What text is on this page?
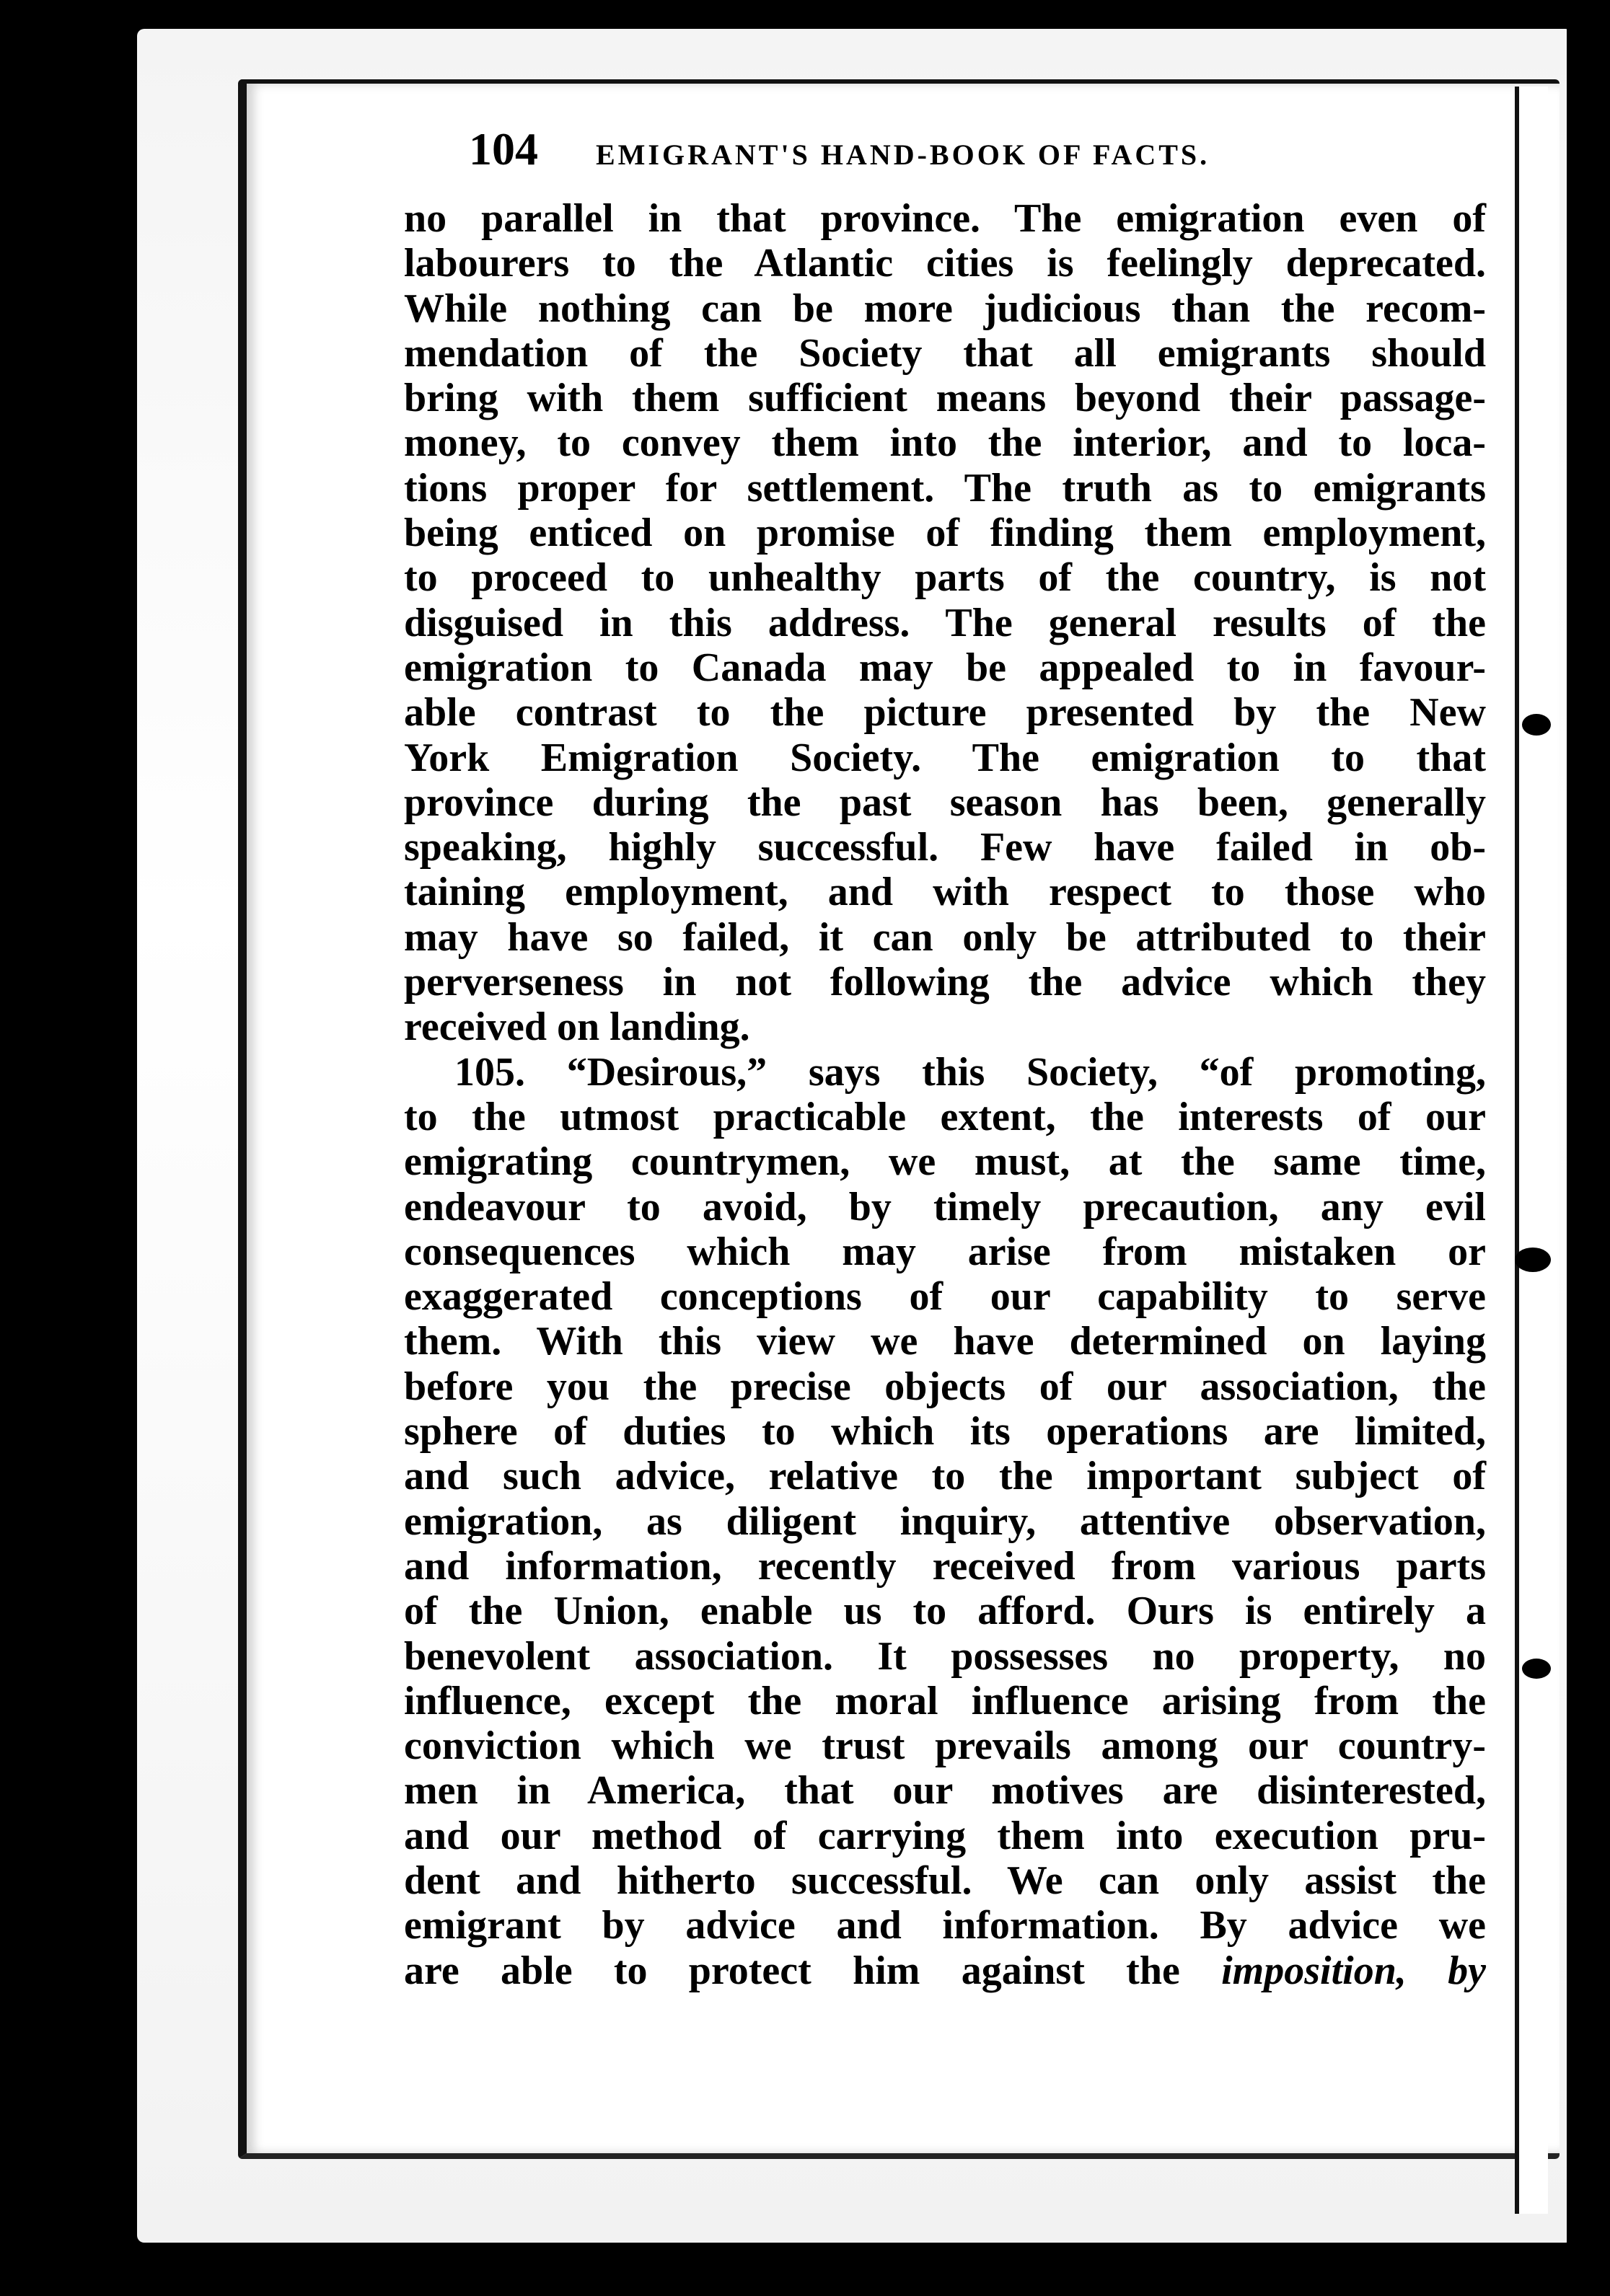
104 EMIGRANT'S HAND-BOOK OF FACTS.
no parallel in that province. The emigration even of
labourers to the Atlantic cities is feelingly deprecated.
While nothing can be more judicious than the recom-
mendation of the Society that all emigrants should
bring with them sufficient means beyond their passage-
money, to convey them into the interior, and to loca-
tions proper for settlement. The truth as to emigrants
being enticed on promise of finding them employment,
to proceed to unhealthy parts of the country, is not
disguised in this address. The general results of the
emigration to Canada may be appealed to in favour-
able contrast to the picture presented by the New
York Emigration Society. The emigration to that
province during the past season has been, generally
speaking, highly successful. Few have failed in ob-
taining employment, and with respect to those who
may have so failed, it can only be attributed to their
perverseness in not following the advice which they
received on landing.
105. “Desirous,” says this Society, “of promoting,
to the utmost practicable extent, the interests of our
emigrating countrymen, we must, at the same time,
endeavour to avoid, by timely precaution, any evil
consequences which may arise from mistaken or
exaggerated conceptions of our capability to serve
them. With this view we have determined on laying
before you the precise objects of our association, the
sphere of duties to which its operations are limited,
and such advice, relative to the important subject of
emigration, as diligent inquiry, attentive observation,
and information, recently received from various parts
of the Union, enable us to afford. Ours is entirely a
benevolent association. It possesses no property, no
influence, except the moral influence arising from the
conviction which we trust prevails among our country-
men in America, that our motives are disinterested,
and our method of carrying them into execution pru-
dent and hitherto successful. We can only assist the
emigrant by advice and information. By advice we
are able to protect him against the imposition, by
